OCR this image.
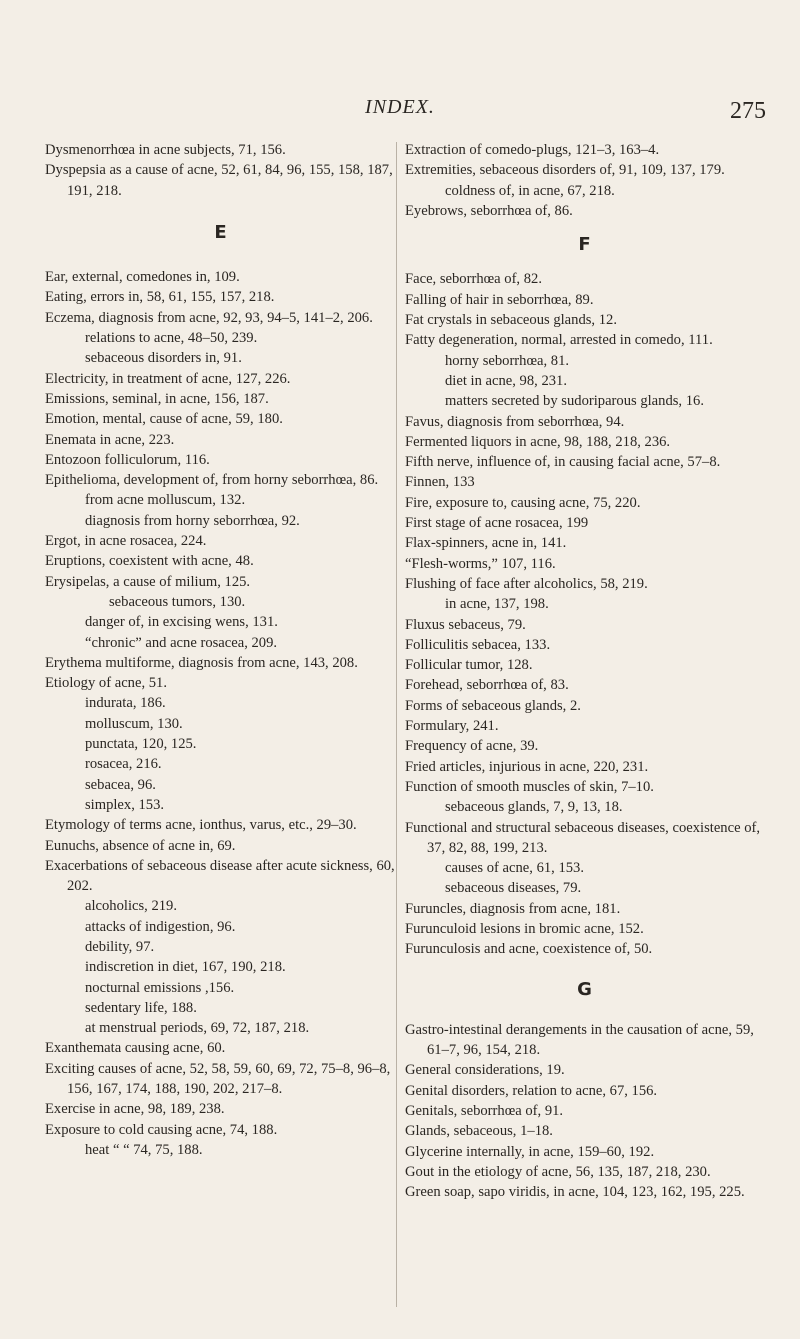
INDEX.	275
Dysmenorrhœa in acne subjects, 71, 156.
Dyspepsia as a cause of acne, 52, 61, 84, 96, 155, 158, 187, 191, 218.
E
Ear, external, comedones in, 109.
Eating, errors in, 58, 61, 155, 157, 218.
Eczema, diagnosis from acne, 92, 93, 94–5, 141–2, 206.
relations to acne, 48–50, 239.
sebaceous disorders in, 91.
Electricity, in treatment of acne, 127, 226.
Emissions, seminal, in acne, 156, 187.
Emotion, mental, cause of acne, 59, 180.
Enemata in acne, 223.
Entozoon folliculorum, 116.
Epithelioma, development of, from horny seborrhœa, 86.
from acne molluscum, 132.
diagnosis from horny seborrhœa, 92.
Ergot, in acne rosacea, 224.
Eruptions, coexistent with acne, 48.
Erysipelas, a cause of milium, 125.
sebaceous tumors, 130.
danger of, in excising wens, 131.
“chronic” and acne rosacea, 209.
Erythema multiforme, diagnosis from acne, 143, 208.
Etiology of acne, 51.
indurata, 186.
molluscum, 130.
punctata, 120, 125.
rosacea, 216.
sebacea, 96.
simplex, 153.
Etymology of terms acne, ionthus, varus, etc., 29–30.
Eunuchs, absence of acne in, 69.
Exacerbations of sebaceous disease after acute sickness, 60, 202.
alcoholics, 219.
attacks of indigestion, 96.
debility, 97.
indiscretion in diet, 167, 190, 218.
nocturnal emissions ,156.
sedentary life, 188.
at menstrual periods, 69, 72, 187, 218.
Exanthemata causing acne, 60.
Exciting causes of acne, 52, 58, 59, 60, 69, 72, 75–8, 96–8, 156, 167, 174, 188, 190, 202, 217–8.
Exercise in acne, 98, 189, 238.
Exposure to cold causing acne, 74, 188.
heat “ “ 74, 75, 188.
Extraction of comedo-plugs, 121–3, 163–4.
Extremities, sebaceous disorders of, 91, 109, 137, 179.
coldness of, in acne, 67, 218.
Eyebrows, seborrhœa of, 86.
F
Face, seborrhœa of, 82.
Falling of hair in seborrhœa, 89.
Fat crystals in sebaceous glands, 12.
Fatty degeneration, normal, arrested in comedo, 111.
horny seborrhœa, 81.
diet in acne, 98, 231.
matters secreted by sudoriparous glands, 16.
Favus, diagnosis from seborrhœa, 94.
Fermented liquors in acne, 98, 188, 218, 236.
Fifth nerve, influence of, in causing facial acne, 57–8.
Finnen, 133
Fire, exposure to, causing acne, 75, 220.
First stage of acne rosacea, 199
Flax-spinners, acne in, 141.
“Flesh-worms,” 107, 116.
Flushing of face after alcoholics, 58, 219.
in acne, 137, 198.
Fluxus sebaceus, 79.
Folliculitis sebacea, 133.
Follicular tumor, 128.
Forehead, seborrhœa of, 83.
Forms of sebaceous glands, 2.
Formulary, 241.
Frequency of acne, 39.
Fried articles, injurious in acne, 220, 231.
Function of smooth muscles of skin, 7–10.
sebaceous glands, 7, 9, 13, 18.
Functional and structural sebaceous diseases, coexistence of, 37, 82, 88, 199, 213.
causes of acne, 61, 153.
sebaceous diseases, 79.
Furuncles, diagnosis from acne, 181.
Furunculoid lesions in bromic acne, 152.
Furunculosis and acne, coexistence of, 50.
G
Gastro-intestinal derangements in the causation of acne, 59, 61–7, 96, 154, 218.
General considerations, 19.
Genital disorders, relation to acne, 67, 156.
Genitals, seborrhœa of, 91.
Glands, sebaceous, 1–18.
Glycerine internally, in acne, 159–60, 192.
Gout in the etiology of acne, 56, 135, 187, 218, 230.
Green soap, sapo viridis, in acne, 104, 123, 162, 195, 225.
